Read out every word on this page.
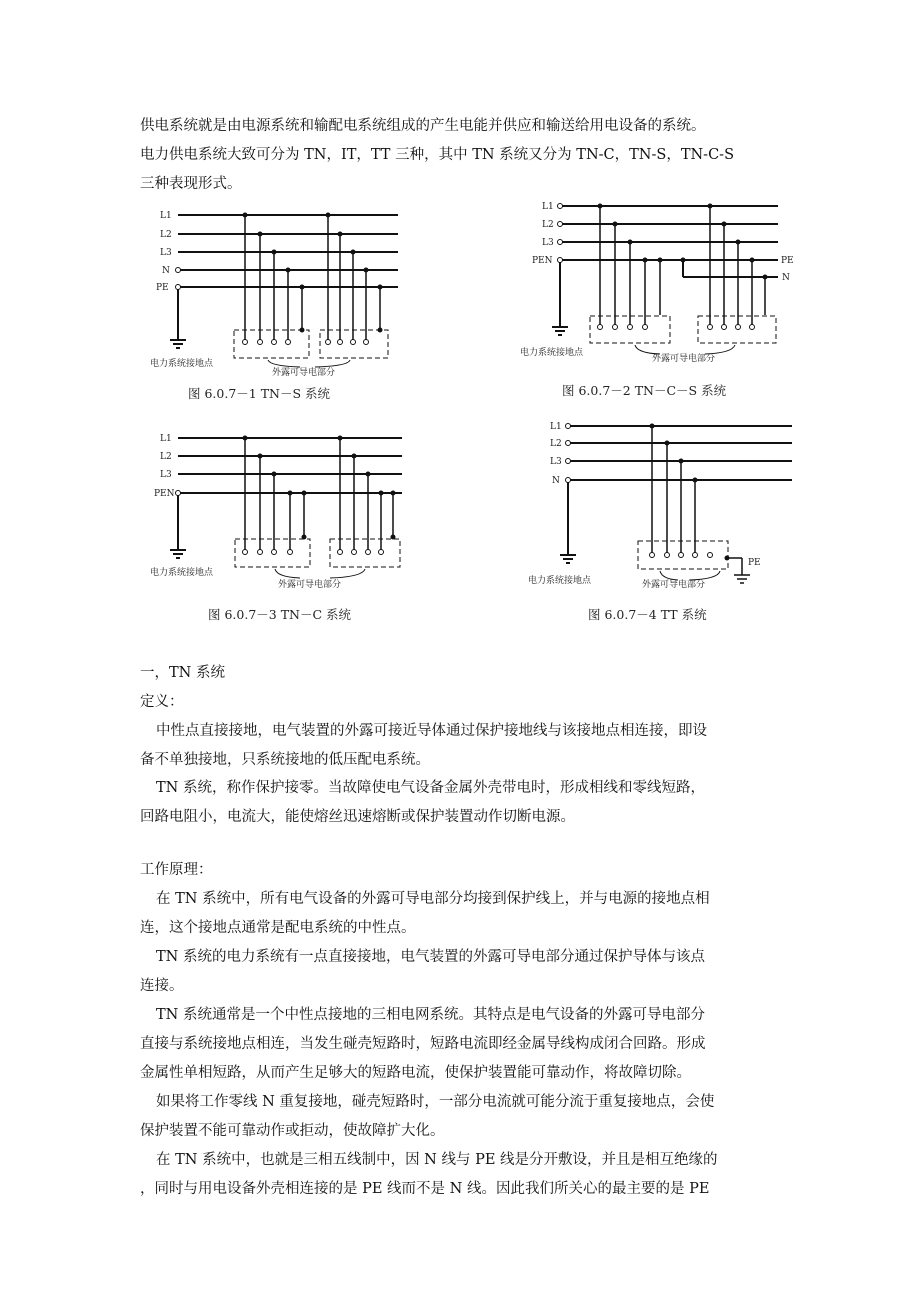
供电系统就是由电源系统和输配电系统组成的产生电能并供应和输送给用电设备的系统。
电力供电系统大致可分为 TN，IT，TT 三种，其中 TN 系统又分为 TN-C，TN-S，TN-C-S
三种表现形式。
L1
L2
L3
N
PE
电力系统接地点
外露可导电部分
图 6.0.7－1 TN－S 系统
L1
L2
L3
PEN	PE
N
电力系统接地点
外露可导电部分
图 6.0.7－2 TN－C－S 系统
L1
L2
L3
PEN
电力系统接地点
外露可导电部分
图 6.0.7－3 TN－C 系统
L1
L2
L3
N
PE
电力系统接地点	外露可导电部分
图 6.0.7－4 TT 系统
一，TN 系统
定义：
中性点直接接地，电气装置的外露可接近导体通过保护接地线与该接地点相连接，即设
备不单独接地，只系统接地的低压配电系统。
TN 系统，称作保护接零。当故障使电气设备金属外壳带电时，形成相线和零线短路，
回路电阻小，电流大，能使熔丝迅速熔断或保护装置动作切断电源。
工作原理：
在 TN 系统中，所有电气设备的外露可导电部分均接到保护线上，并与电源的接地点相
连，这个接地点通常是配电系统的中性点。
TN 系统的电力系统有一点直接接地，电气装置的外露可导电部分通过保护导体与该点
连接。
TN 系统通常是一个中性点接地的三相电网系统。其特点是电气设备的外露可导电部分
直接与系统接地点相连，当发生碰壳短路时，短路电流即经金属导线构成闭合回路。形成
金属性单相短路，从而产生足够大的短路电流，使保护装置能可靠动作，将故障切除。
如果将工作零线 N 重复接地，碰壳短路时，一部分电流就可能分流于重复接地点，会使
保护装置不能可靠动作或拒动，使故障扩大化。
在 TN 系统中，也就是三相五线制中，因 N 线与 PE 线是分开敷设，并且是相互绝缘的
，同时与用电设备外壳相连接的是 PE 线而不是 N 线。因此我们所关心的最主要的是 PE
